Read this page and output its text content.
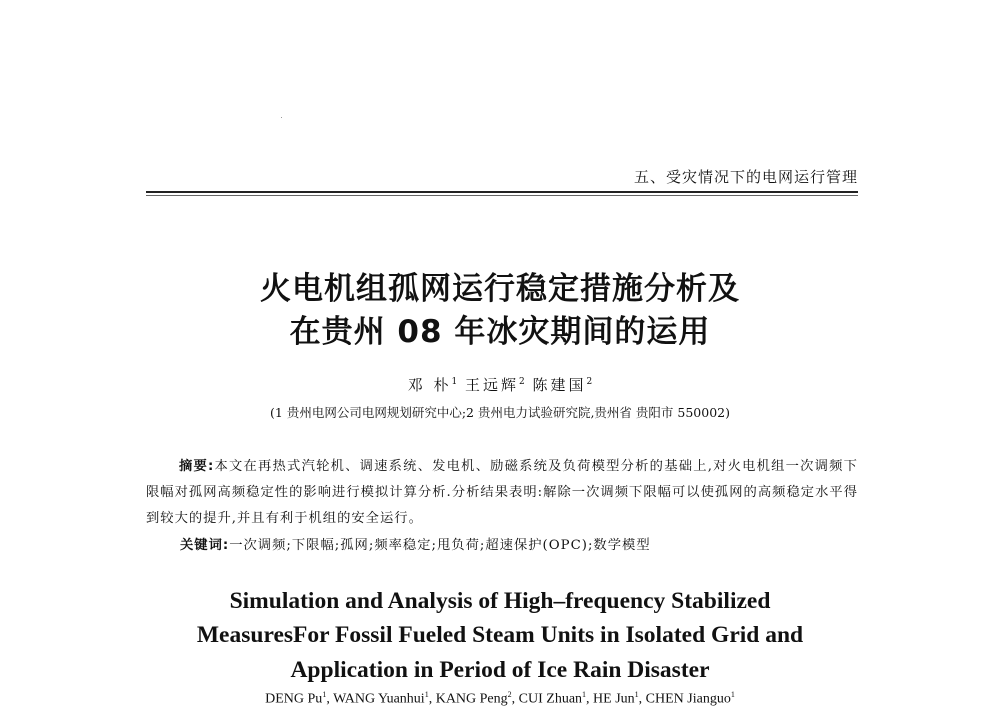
五、受灾情况下的电网运行管理
火电机组孤网运行稳定措施分析及
在贵州 08 年冰灾期间的运用
邓 朴$^1$ 王远辉$^2$ 陈建国$^2$
(1 贵州电网公司电网规划研究中心;2 贵州电力试验研究院,贵州省 贵阳市 550002)
摘要:本文在再热式汽轮机、调速系统、发电机、励磁系统及负荷模型分析的基础上,对火电机组一次调频下限幅对孤网高频稳定性的影响进行模拟计算分析.分析结果表明:解除一次调频下限幅可以使孤网的高频稳定水平得到较大的提升,并且有利于机组的安全运行。
关键词:一次调频;下限幅;孤网;频率稳定;甩负荷;超速保护(OPC);数学模型
Simulation and Analysis of High–frequency Stabilized
MeasuresFor Fossil Fueled Steam Units in Isolated Grid and
Application in Period of Ice Rain Disaster
DENG Pu$^1$, WANG Yuanhui$^1$, KANG Peng$^2$, CUI Zhuan$^1$, HE Jun$^1$, CHEN Jianguo$^1$
